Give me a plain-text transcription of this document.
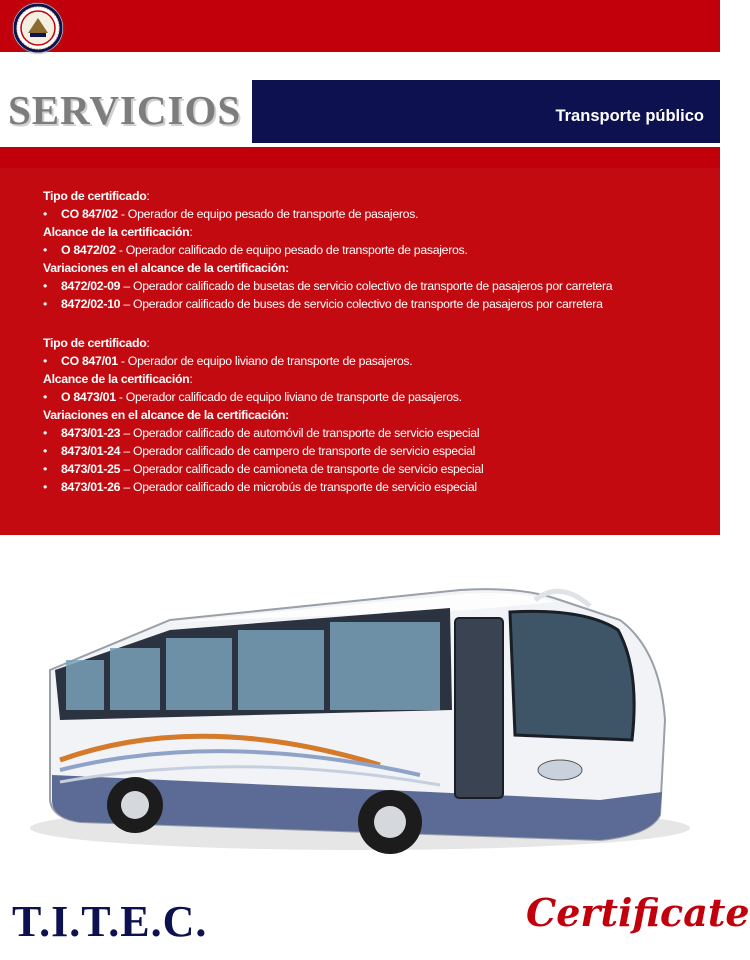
SERVICIOS	Transporte público
Tipo de certificado:
• CO 847/02 - Operador de equipo pesado de transporte de pasajeros.
Alcance de la certificación:
• O 8472/02 - Operador calificado de equipo pesado de transporte de pasajeros.
Variaciones en el alcance de la certificación:
• 8472/02-09 – Operador calificado de busetas de servicio colectivo de transporte de pasajeros por carretera
• 8472/02-10 – Operador calificado de buses de servicio colectivo de transporte de pasajeros por carretera
Tipo de certificado:
• CO 847/01 - Operador de equipo liviano de transporte de pasajeros.
Alcance de la certificación:
• O 8473/01 - Operador calificado de equipo liviano de transporte de pasajeros.
Variaciones en el alcance de la certificación:
• 8473/01-23 – Operador calificado de automóvil de transporte de servicio especial
• 8473/01-24 – Operador calificado de campero de transporte de servicio especial
• 8473/01-25 – Operador calificado de camioneta de transporte de servicio especial
• 8473/01-26 – Operador calificado de microbús de transporte de servicio especial
T.I.T.E.C.	Certificate
